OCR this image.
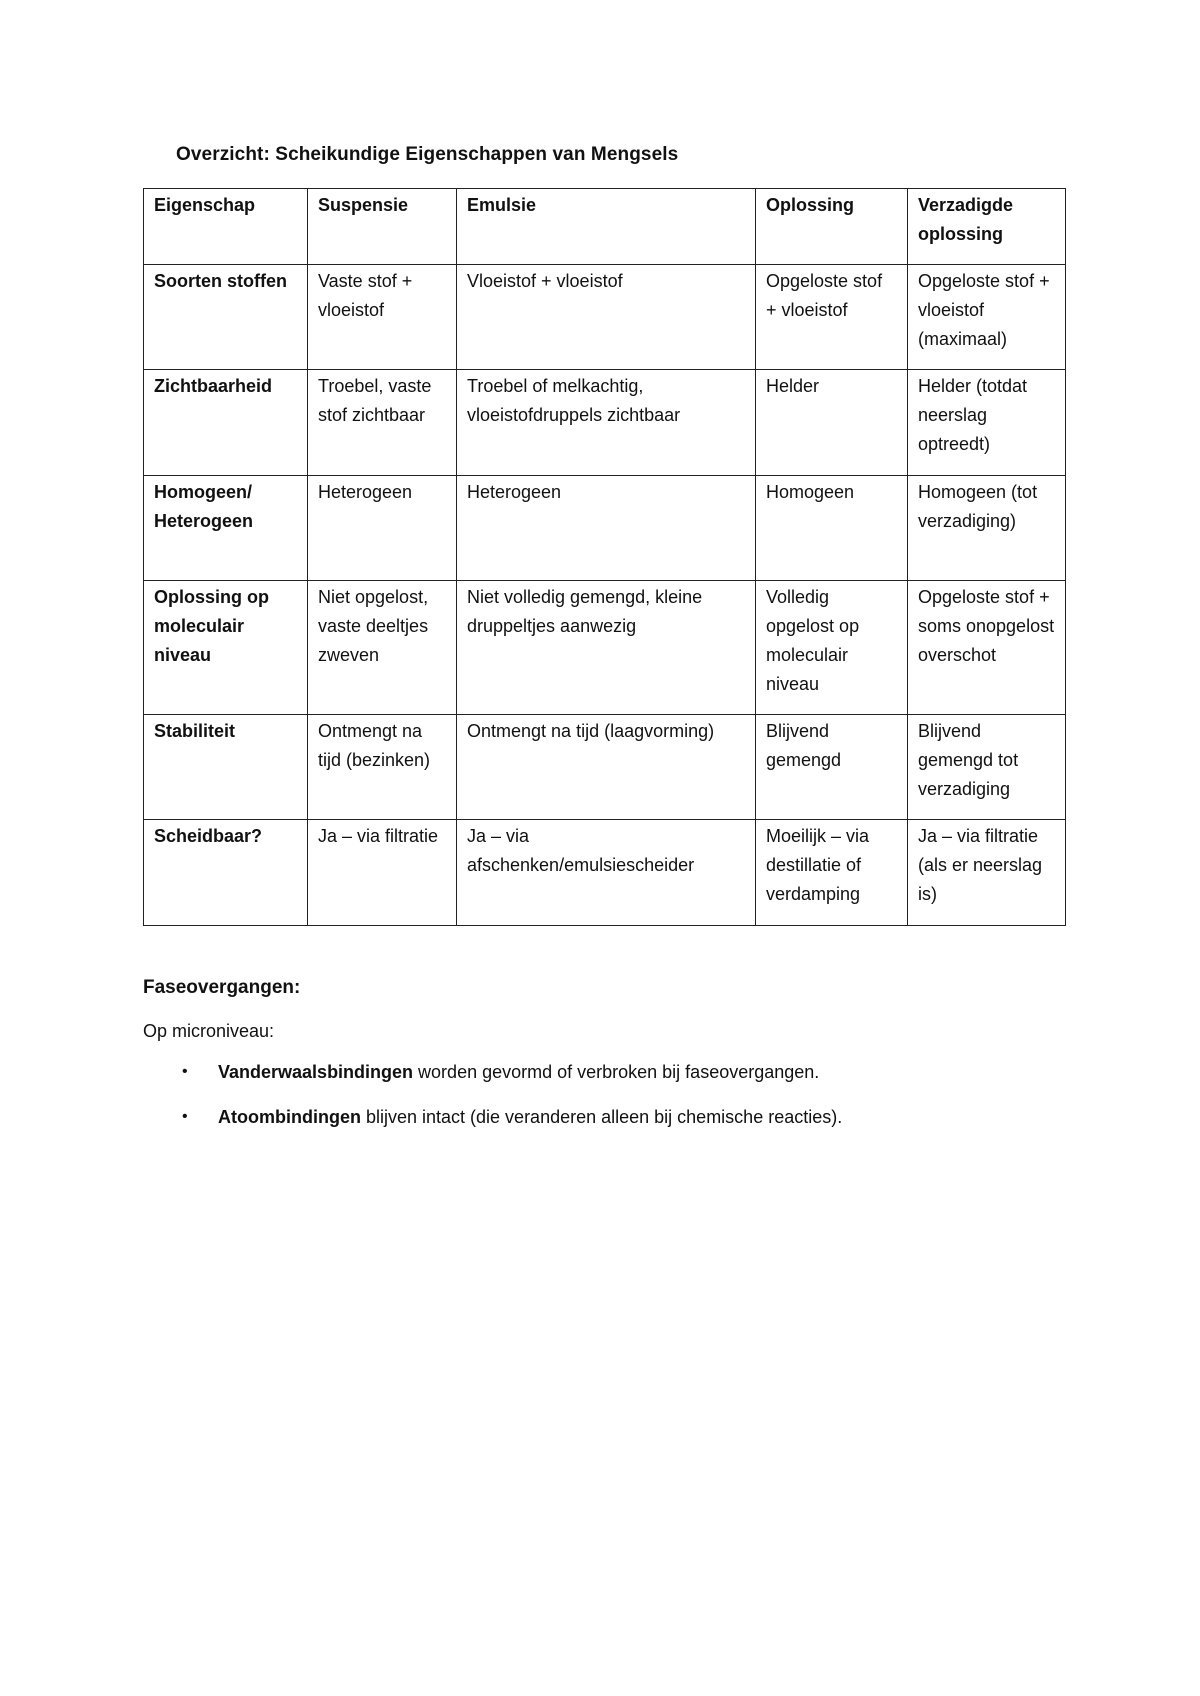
Overzicht: Scheikundige Eigenschappen van Mengsels
Eigenschap	Suspensie	Emulsie	Oplossing	Verzadigde oplossing
Soorten stoffen	Vaste stof + vloeistof	Vloeistof + vloeistof	Opgeloste stof + vloeistof	Opgeloste stof + vloeistof (maximaal)
Zichtbaarheid	Troebel, vaste stof zichtbaar	Troebel of melkachtig, vloeistofdruppels zichtbaar	Helder	Helder (totdat neerslag optreedt)
Homogeen/ Heterogeen	Heterogeen	Heterogeen	Homogeen	Homogeen (tot verzadiging)
Oplossing op moleculair niveau	Niet opgelost, vaste deeltjes zweven	Niet volledig gemengd, kleine druppeltjes aanwezig	Volledig opgelost op moleculair niveau	Opgeloste stof + soms onopgelost overschot
Stabiliteit	Ontmengt na tijd (bezinken)	Ontmengt na tijd (laagvorming)	Blijvend gemengd	Blijvend gemengd tot verzadiging
Scheidbaar?	Ja – via filtratie	Ja – via afschenken/emulsiescheider	Moeilijk – via destillatie of verdamping	Ja – via filtratie (als er neerslag is)
Faseovergangen:
Op microniveau:
• Vanderwaalsbindingen worden gevormd of verbroken bij faseovergangen.
• Atoombindingen blijven intact (die veranderen alleen bij chemische reacties).
